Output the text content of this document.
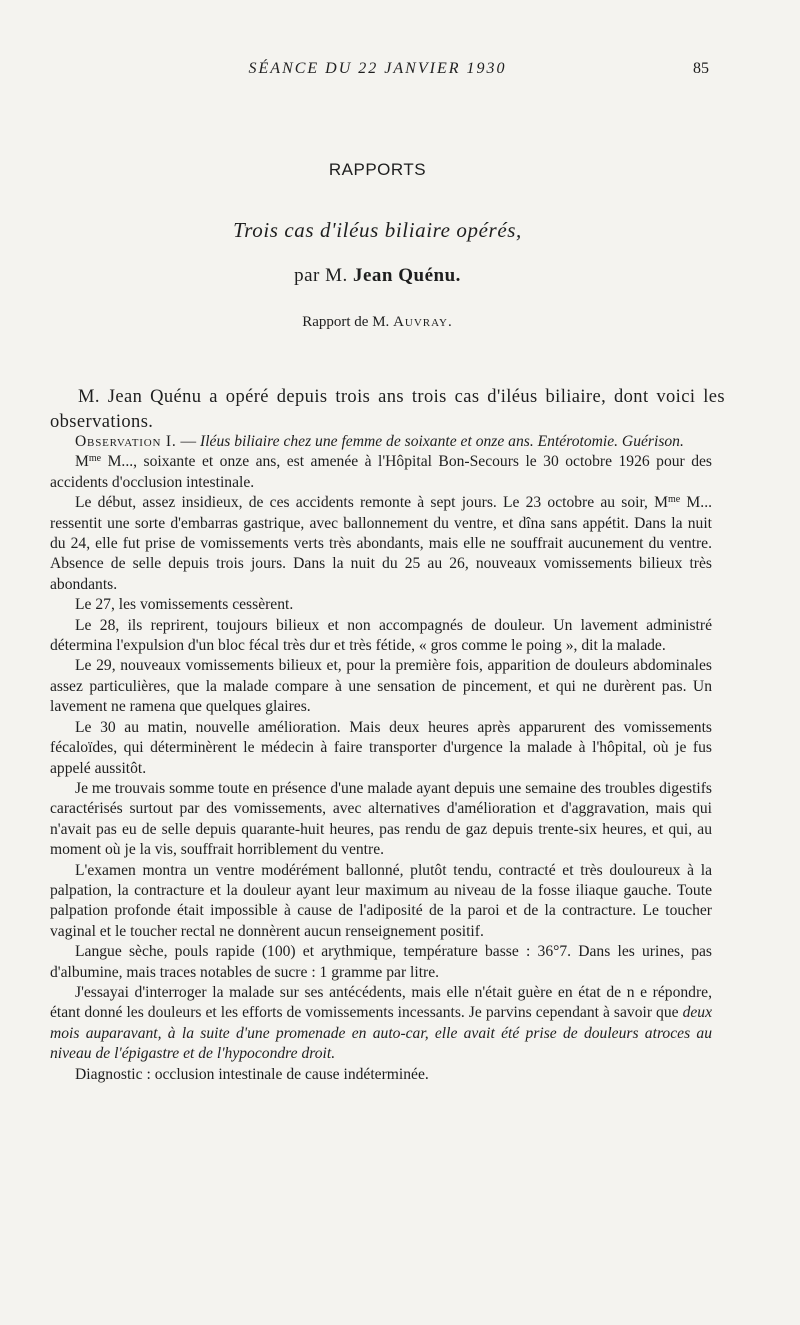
SÉANCE DU 22 JANVIER 1930	85
RAPPORTS
Trois cas d'iléus biliaire opérés,
par M. Jean Quénu.
Rapport de M. Auvray.

M. Jean Quénu a opéré depuis trois ans trois cas d'iléus biliaire, dont voici les observations.

Observation I. — Iléus biliaire chez une femme de soixante et onze ans. Entérotomie. Guérison.

$M^{me}$ M..., soixante et onze ans, est amenée à l'Hôpital Bon-Secours le 30 octobre 1926 pour des accidents d'occlusion intestinale.

Le début, assez insidieux, de ces accidents remonte à sept jours. Le 23 octobre au soir, $M^{me}$ M... ressentit une sorte d'embarras gastrique, avec ballonnement du ventre, et dîna sans appétit. Dans la nuit du 24, elle fut prise de vomissements verts très abondants, mais elle ne souffrait aucunement du ventre. Absence de selle depuis trois jours. Dans la nuit du 25 au 26, nouveaux vomissements bilieux très abondants.

Le 27, les vomissements cessèrent.

Le 28, ils reprirent, toujours bilieux et non accompagnés de douleur. Un lavement administré détermina l'expulsion d'un bloc fécal très dur et très fétide, « gros comme le poing », dit la malade.

Le 29, nouveaux vomissements bilieux et, pour la première fois, apparition de douleurs abdominales assez particulières, que la malade compare à une sensation de pincement, et qui ne durèrent pas. Un lavement ne ramena que quelques glaires.

Le 30 au matin, nouvelle amélioration. Mais deux heures après apparurent des vomissements fécaloïdes, qui déterminèrent le médecin à faire transporter d'urgence la malade à l'hôpital, où je fus appelé aussitôt.

Je me trouvais somme toute en présence d'une malade ayant depuis une semaine des troubles digestifs caractérisés surtout par des vomissements, avec alternatives d'amélioration et d'aggravation, mais qui n'avait pas eu de selle depuis quarante-huit heures, pas rendu de gaz depuis trente-six heures, et qui, au moment où je la vis, souffrait horriblement du ventre.

L'examen montra un ventre modérément ballonné, plutôt tendu, contracté et très douloureux à la palpation, la contracture et la douleur ayant leur maximum au niveau de la fosse iliaque gauche. Toute palpation profonde était impossible à cause de l'adiposité de la paroi et de la contracture. Le toucher vaginal et le toucher rectal ne donnèrent aucun renseignement positif.

Langue sèche, pouls rapide (100) et arythmique, température basse : 36°7. Dans les urines, pas d'albumine, mais traces notables de sucre : 1 gramme par litre.

J'essayai d'interroger la malade sur ses antécédents, mais elle n'était guère en état de n e répondre, étant donné les douleurs et les efforts de vomissements incessants. Je parvins cependant à savoir que deux mois auparavant, à la suite d'une promenade en auto-car, elle avait été prise de douleurs atroces au niveau de l'épigastre et de l'hypocondre droit.

Diagnostic : occlusion intestinale de cause indéterminée.
